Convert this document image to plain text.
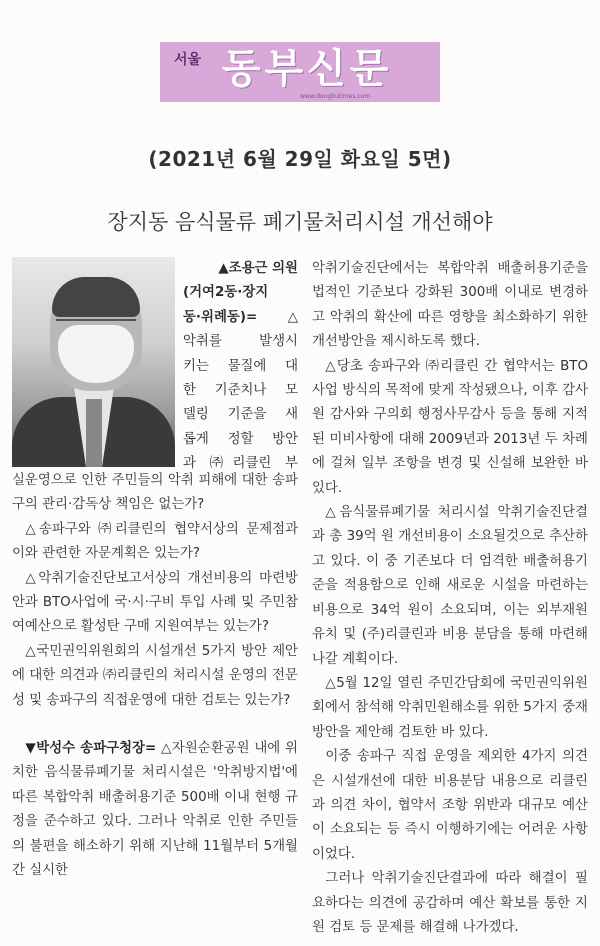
서울 동부신문
www.dongbutimes.com
(2021년 6월 29일 화요일 5면)
장지동 음식물류 폐기물처리시설 개선해야
▲조용근 의원
(거여2동·장지
동·위례동)= △
악취를 발생시
키는 물질에 대
한 기준치나 모
델링 기준을 새
롭게 정할 방안
과 ㈜리클린 부

실운영으로 인한 주민들의 악취 피해에 대한 송파구의 관리·감독상 책임은 없는가?

△송파구와 ㈜리클린의 협약서상의 문제점과 이와 관련한 자문계획은 있는가?

△악취기술진단보고서상의 개선비용의 마련방안과 BTO사업에 국·시·구비 투입 사례 및 주민참여예산으로 활성탄 구매 지원여부는 있는가?

△국민권익위원회의 시설개선 5가지 방안 제안에 대한 의견과 ㈜리클린의 처리시설 운영의 전문성 및 송파구의 직접운영에 대한 검토는 있는가?

▼박성수 송파구청장= △자원순환공원 내에 위치한 음식물류폐기물 처리시설은 '악취방지법'에 따른 복합악취 배출허용기준 500배 이내 현행 규정을 준수하고 있다. 그러나 악취로 인한 주민들의 불편을 해소하기 위해 지난해 11월부터 5개월간 실시한

악취기술진단에서는 복합악취 배출허용기준을 법적인 기준보다 강화된 300배 이내로 변경하고 악취의 확산에 따른 영향을 최소화하기 위한 개선방안을 제시하도록 했다.

△당초 송파구와 ㈜리클린 간 협약서는 BTO사업 방식의 목적에 맞게 작성됐으나, 이후 감사원 감사와 구의회 행정사무감사 등을 통해 지적된 미비사항에 대해 2009년과 2013년 두 차례에 걸쳐 일부 조항을 변경 및 신설해 보완한 바 있다.

△음식물류폐기물 처리시설 악취기술진단결과 총 39억 원 개선비용이 소요될것으로 추산하고 있다. 이 중 기존보다 더 엄격한 배출허용기준을 적용함으로 인해 새로운 시설을 마련하는 비용으로 34억 원이 소요되며, 이는 외부재원 유치 및 (주)리클린과 비용 분담을 통해 마련해 나갈 계획이다.

△5월 12일 열린 주민간담회에 국민권익위원회에서 참석해 악취민원해소를 위한 5가지 중재방안을 제안해 검토한 바 있다.

이중 송파구 직접 운영을 제외한 4가지 의견은 시설개선에 대한 비용분담 내용으로 리클린과 의견 차이, 협약서 조항 위반과 대규모 예산이 소요되는 등 즉시 이행하기에는 어려운 사항이었다.

그러나 악취기술진단결과에 따라 해결이 필요하다는 의견에 공감하며 예산 확보를 통한 지원 검토 등 문제를 해결해 나가겠다.
